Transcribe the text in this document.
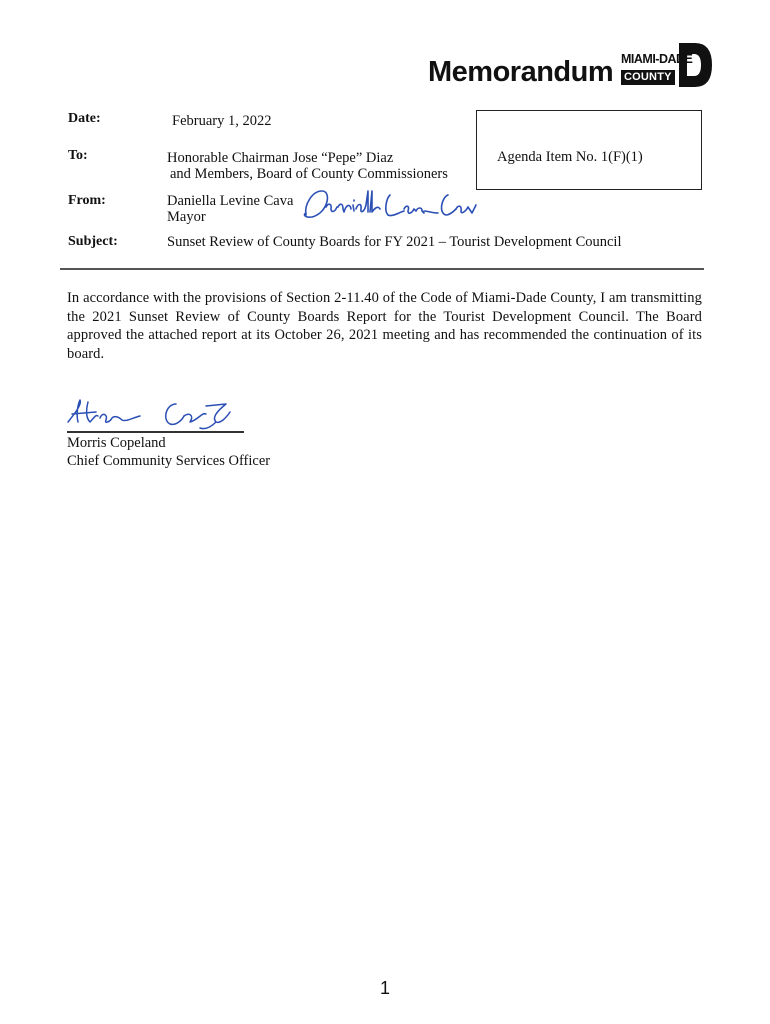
Memorandum MIAMI-DADE
COUNTY
Date:	February 1, 2022
To:	Honorable Chairman Jose “Pepe” Diaz
and Members, Board of County Commissioners
Agenda Item No. 1(F)(1)
From:	Daniella Levine Cava
Mayor
Subject:	Sunset Review of County Boards for FY 2021 – Tourist Development Council
In accordance with the provisions of Section 2-11.40 of the Code of Miami-Dade County, I am transmitting the 2021 Sunset Review of County Boards Report for the Tourist Development Council. The Board approved the attached report at its October 26, 2021 meeting and has recommended the continuation of its board.
Morris Copeland
Chief Community Services Officer
1
